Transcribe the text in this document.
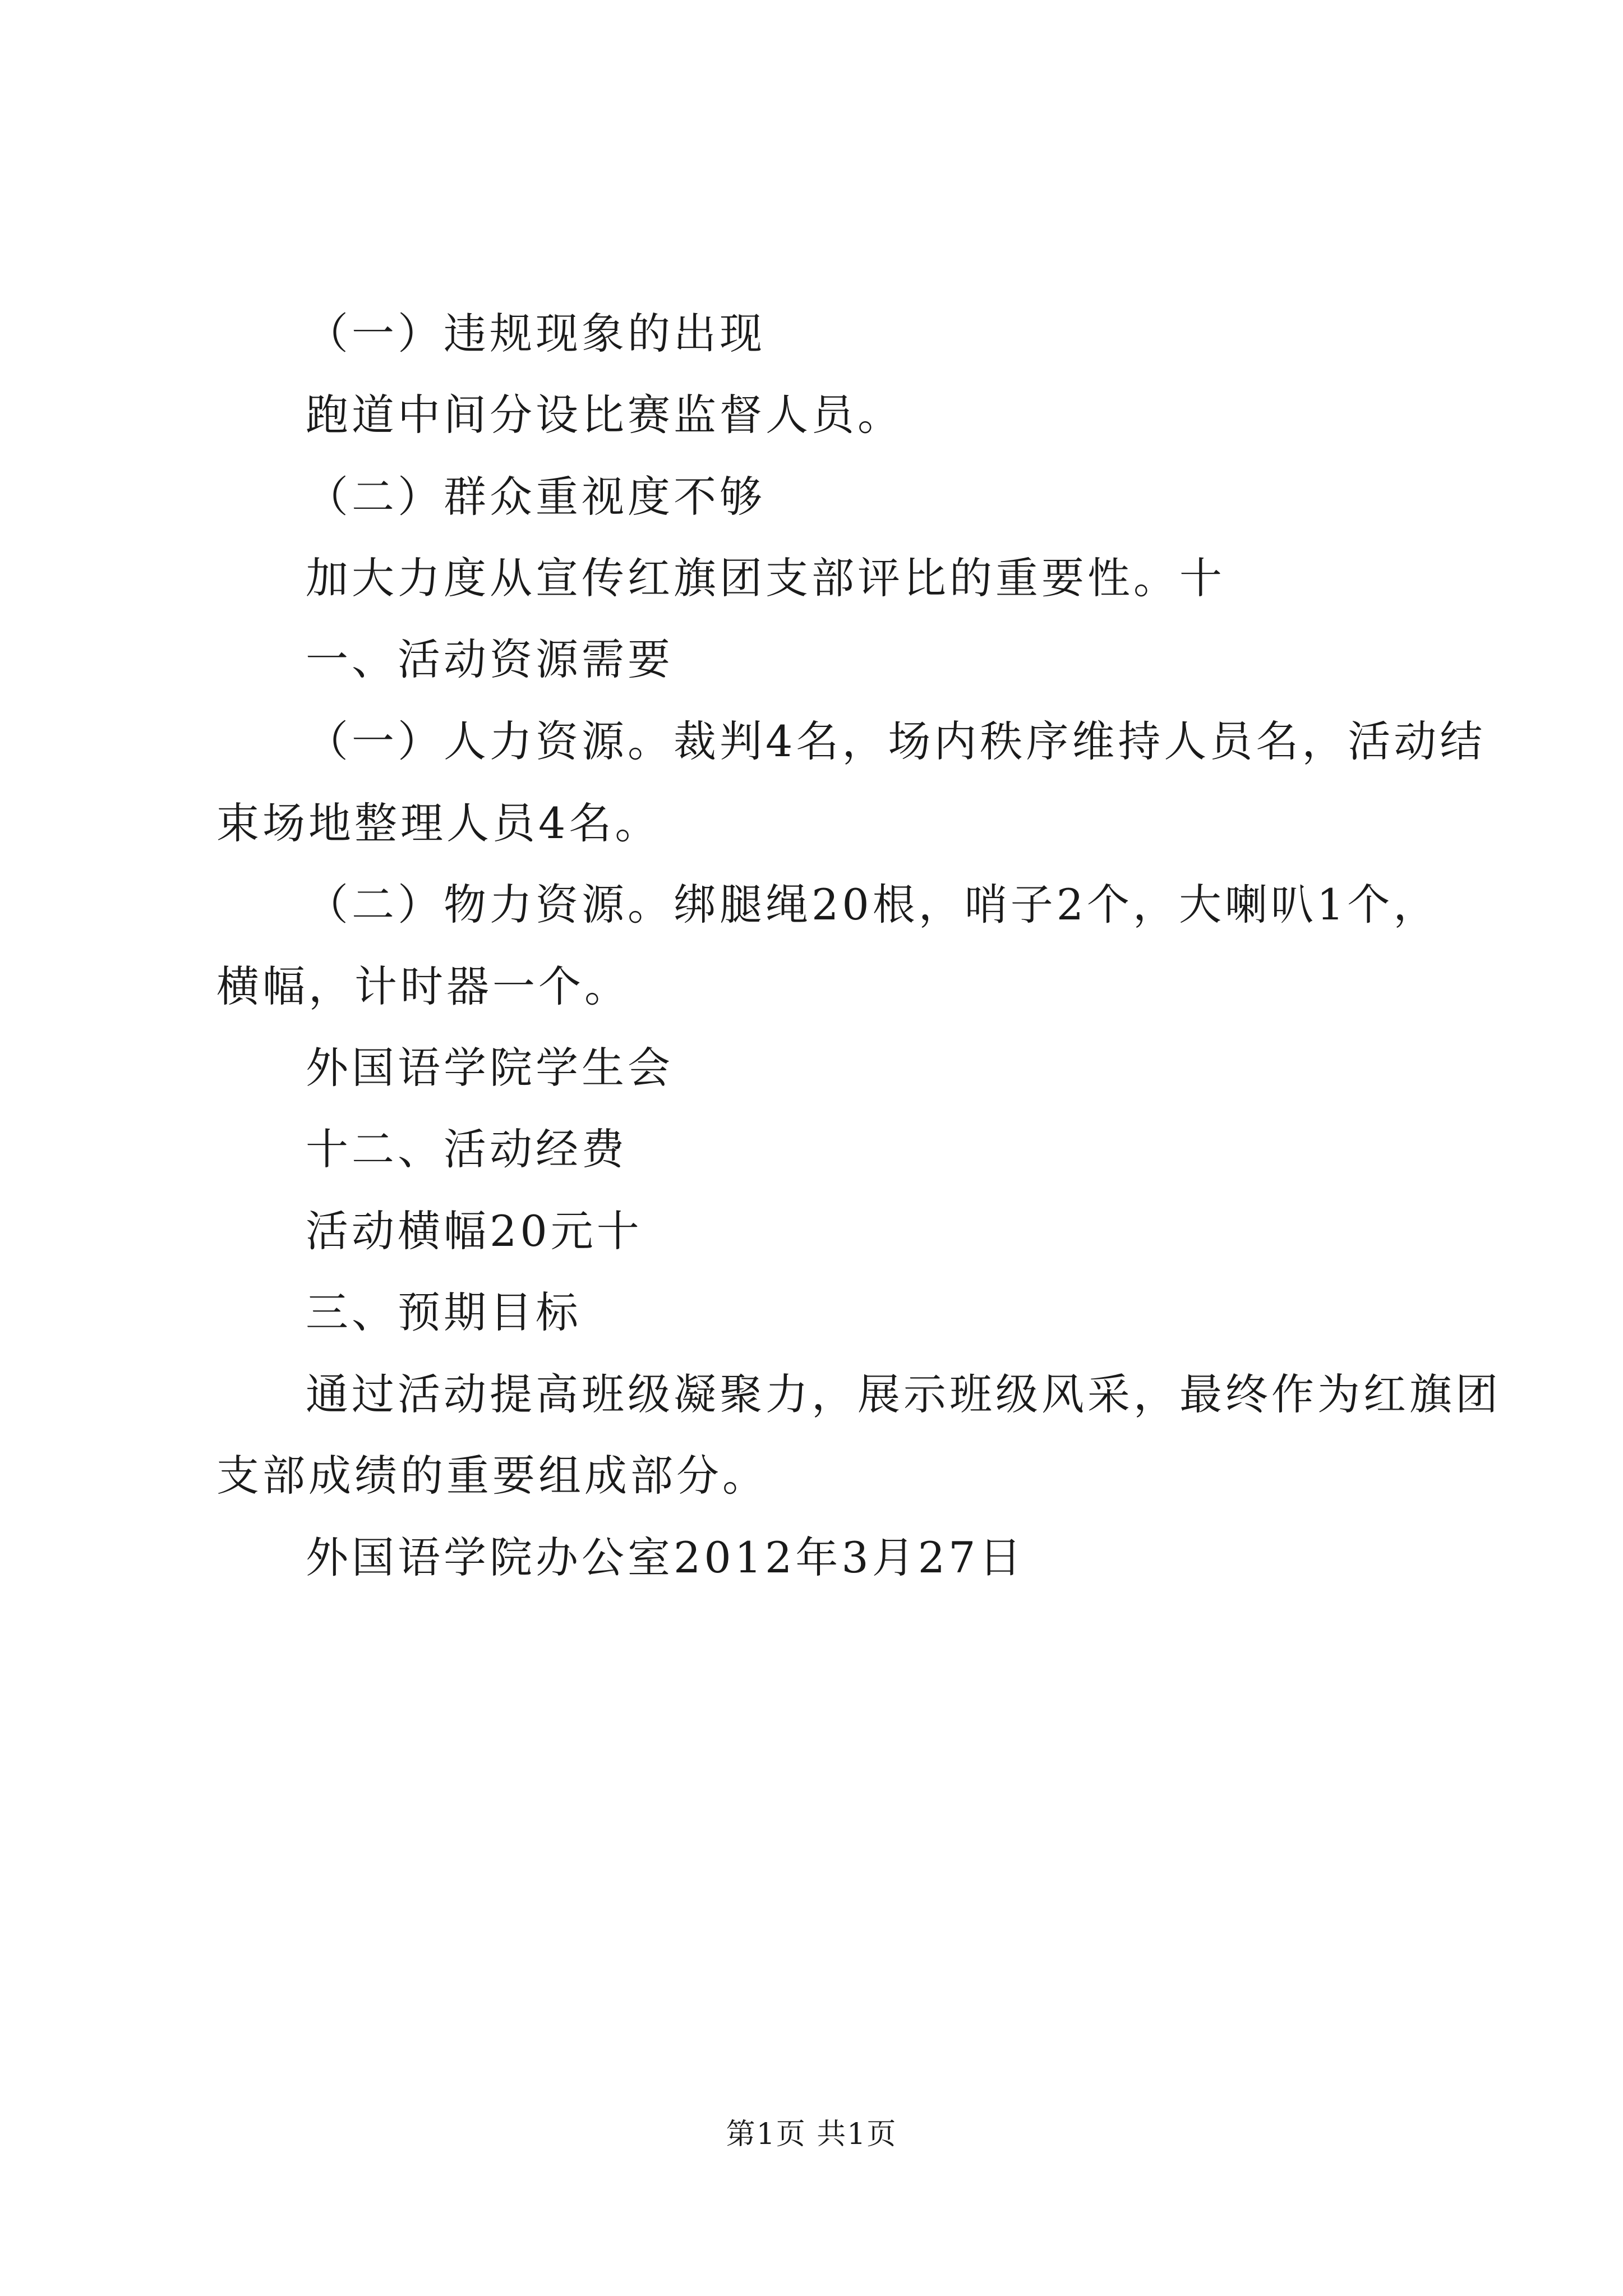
（一）违规现象的出现
跑道中间分设比赛监督人员。
（二）群众重视度不够
加大力度从宣传红旗团支部评比的重要性。十
一、活动资源需要
（一）人力资源。裁判4名，场内秩序维持人员名，活动结
束场地整理人员4名。
（二）物力资源。绑腿绳20根，哨子2个，大喇叭1个，
横幅，计时器一个。
外国语学院学生会
十二、活动经费
活动横幅20元十
三、预期目标
通过活动提高班级凝聚力，展示班级风采，最终作为红旗团
支部成绩的重要组成部分。
外国语学院办公室2012年3月27日
第1页 共1页
